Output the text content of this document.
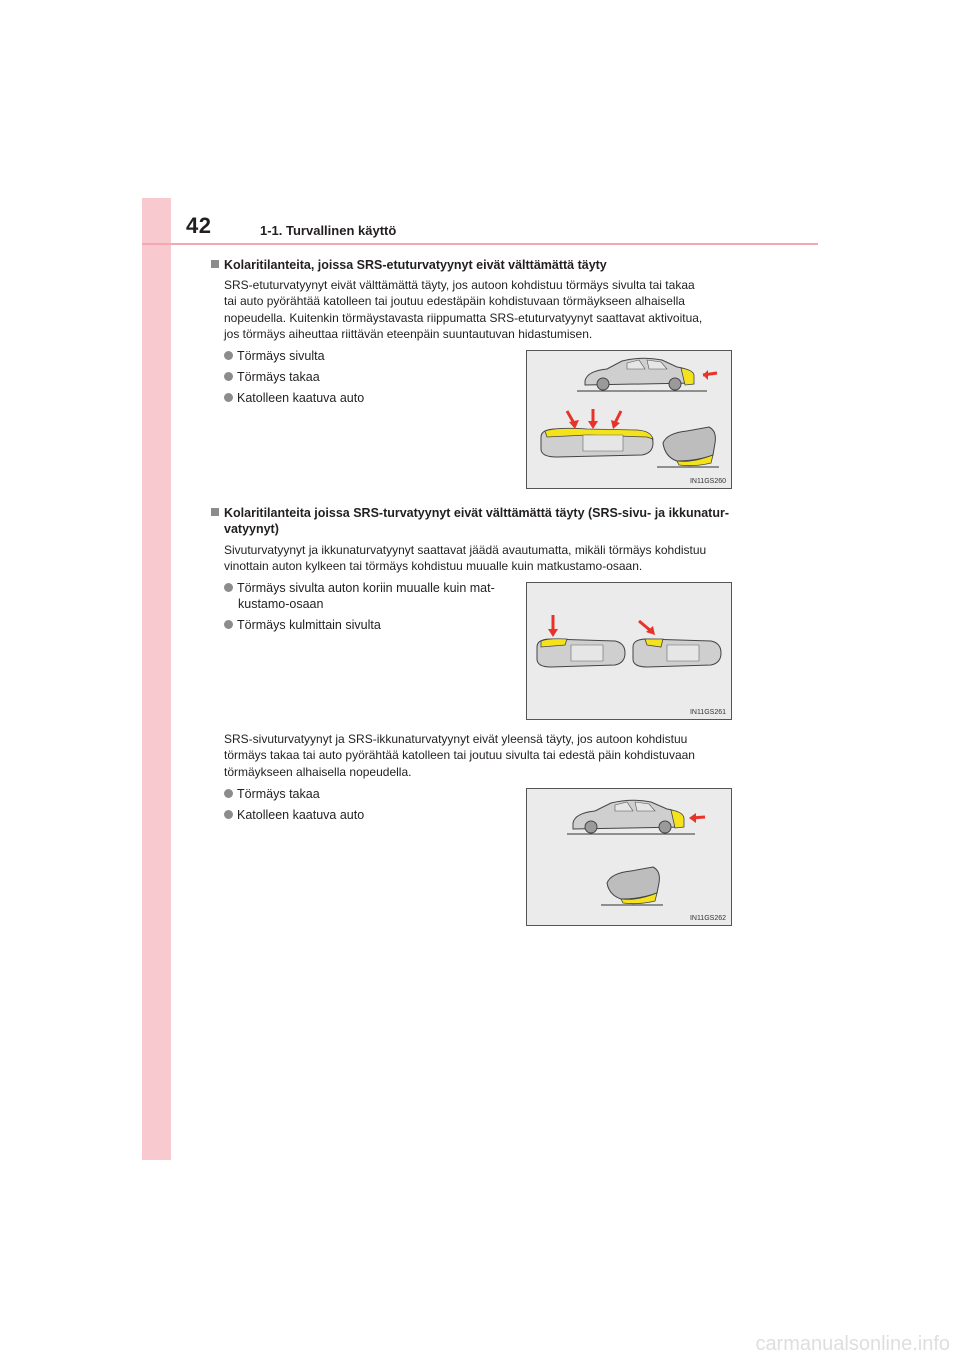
42	1-1. Turvallinen käyttö
Kolaritilanteita, joissa SRS-etuturvatyynyt eivät välttämättä täyty
SRS-etuturvatyynyt eivät välttämättä täyty, jos autoon kohdistuu törmäys sivulta tai takaa
tai auto pyörähtää katolleen tai joutuu edestäpäin kohdistuvaan törmäykseen alhaisella
nopeudella. Kuitenkin törmäystavasta riippumatta SRS-etuturvatyynyt saattavat aktivoitua,
jos törmäys aiheuttaa riittävän eteenpäin suuntautuvan hidastumisen.
Törmäys sivulta
Törmäys takaa
Katolleen kaatuva auto
IN11GS260
Kolaritilanteita joissa SRS-turvatyynyt eivät välttämättä täyty (SRS-sivu- ja ikkunatur-
vatyynyt)
Sivuturvatyynyt ja ikkunaturvatyynyt saattavat jäädä avautumatta, mikäli törmäys kohdistuu
vinottain auton kylkeen tai törmäys kohdistuu muualle kuin matkustamo-osaan.
Törmäys sivulta auton koriin muualle kuin mat-
kustamo-osaan
Törmäys kulmittain sivulta
IN11GS261
SRS-sivuturvatyynyt ja SRS-ikkunaturvatyynyt eivät yleensä täyty, jos autoon kohdistuu
törmäys takaa tai auto pyörähtää katolleen tai joutuu sivulta tai edestä päin kohdistuvaan
törmäykseen alhaisella nopeudella.
Törmäys takaa
Katolleen kaatuva auto
IN11GS262
carmanualsonline.info
